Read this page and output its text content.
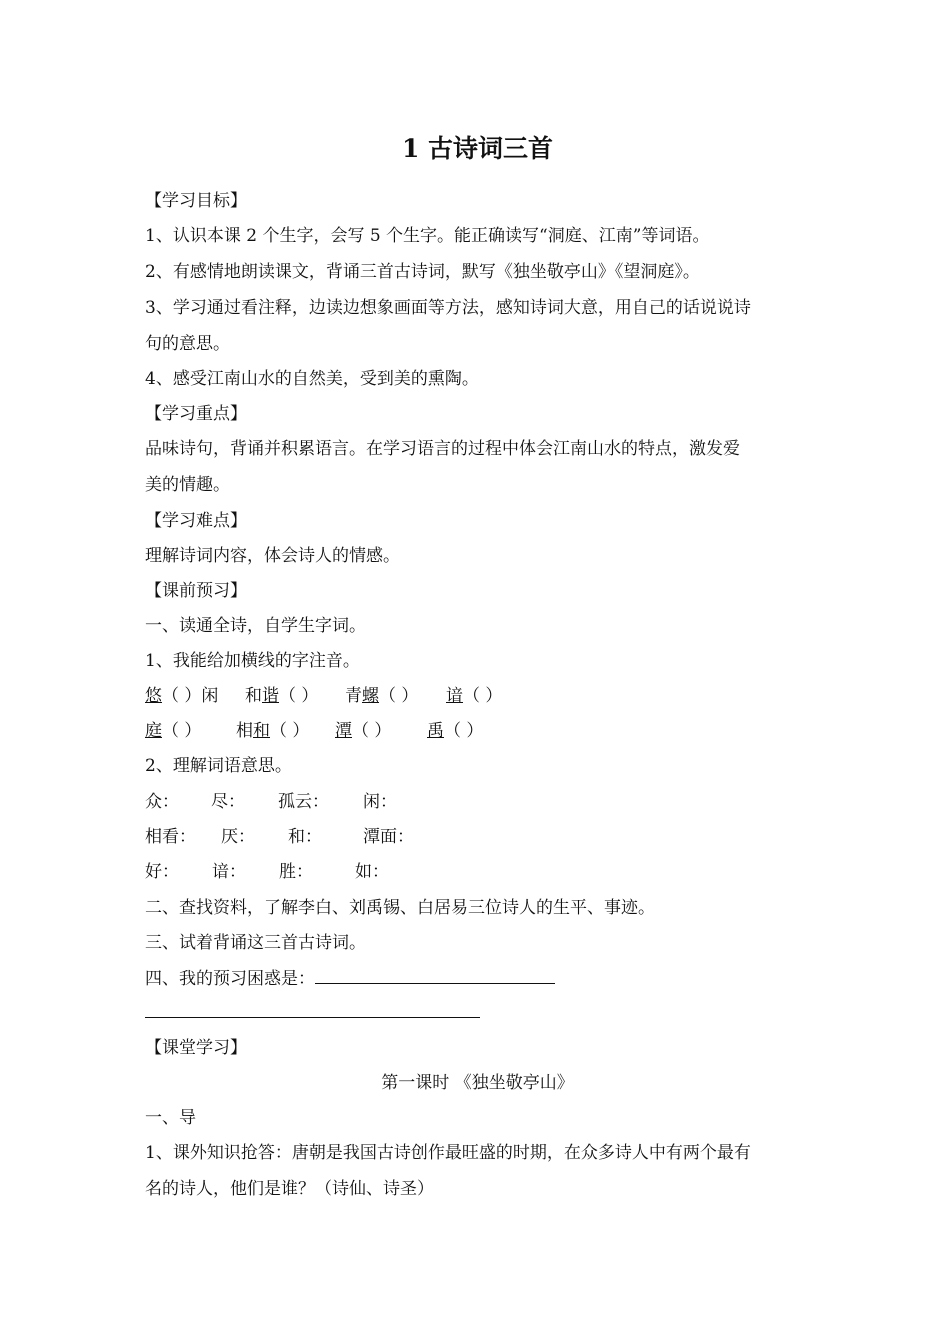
1 古诗词三首
【学习目标】
1、认识本课 2 个生字，会写 5 个生字。能正确读写“洞庭、江南”等词语。
2、有感情地朗读课文，背诵三首古诗词，默写《独坐敬亭山》《望洞庭》。
3、学习通过看注释，边读边想象画面等方法，感知诗词大意，用自己的话说说诗
句的意思。
4、感受江南山水的自然美，受到美的熏陶。
【学习重点】
品味诗句，背诵并积累语言。在学习语言的过程中体会江南山水的特点，激发爱
美的情趣。
【学习难点】
理解诗词内容，体会诗人的情感。
【课前预习】
一、读通全诗，自学生字词。
1、我能给加横线的字注音。
悠（ ）闲 和谐（ ） 青螺（ ） 谙（ ）
庭（ ） 相和（ ） 潭（ ） 禹（ ）
2、理解词语意思。
众： 尽： 孤云： 闲：
相看： 厌： 和： 潭面：
好： 谙： 胜： 如：
二、查找资料，了解李白、刘禹锡、白居易三位诗人的生平、事迹。
三、试着背诵这三首古诗词。
四、我的预习困惑是：
【课堂学习】
第一课时 《独坐敬亭山》
一、导
1、课外知识抢答：唐朝是我国古诗创作最旺盛的时期，在众多诗人中有两个最有
名的诗人，他们是谁？（诗仙、诗圣）
